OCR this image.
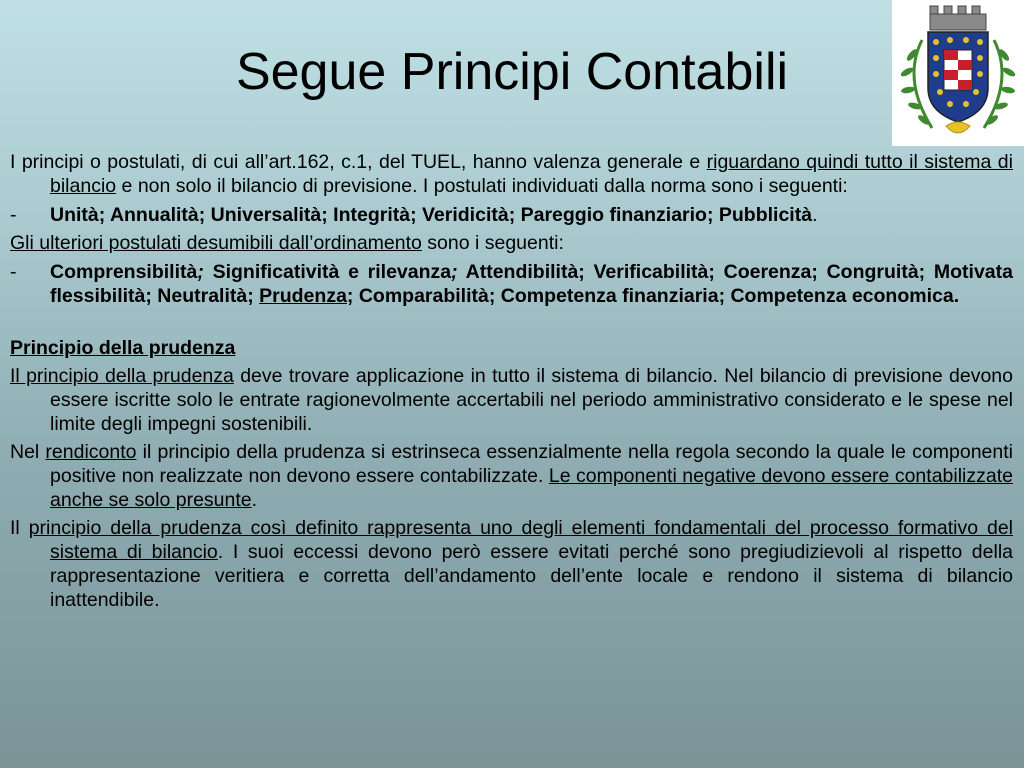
Segue Principi Contabili

I principi o postulati, di cui all’art.162, c.1, del TUEL, hanno valenza generale e riguardano quindi tutto il sistema di bilancio e non solo il bilancio di previsione. I postulati individuati dalla norma sono i seguenti:

-	Unità; Annualità; Universalità; Integrità; Veridicità; Pareggio finanziario; Pubblicità.

Gli ulteriori postulati desumibili dall’ordinamento sono i seguenti:

-	Comprensibilità; Significatività e rilevanza; Attendibilità; Verificabilità; Coerenza; Congruità; Motivata flessibilità; Neutralità; Prudenza; Comparabilità; Competenza finanziaria; Competenza economica.

Principio della prudenza

Il principio della prudenza deve trovare applicazione in tutto il sistema di bilancio. Nel bilancio di previsione devono essere iscritte solo le entrate ragionevolmente accertabili nel periodo amministrativo considerato e le spese nel limite degli impegni sostenibili.

Nel rendiconto il principio della prudenza si estrinseca essenzialmente nella regola secondo la quale le componenti positive non realizzate non devono essere contabilizzate. Le componenti negative devono essere contabilizzate anche se solo presunte.

Il principio della prudenza così definito rappresenta uno degli elementi fondamentali del processo formativo del sistema di bilancio. I suoi eccessi devono però essere evitati perché sono pregiudizievoli al rispetto della rappresentazione veritiera e corretta dell’andamento dell’ente locale e rendono il sistema di bilancio inattendibile.
